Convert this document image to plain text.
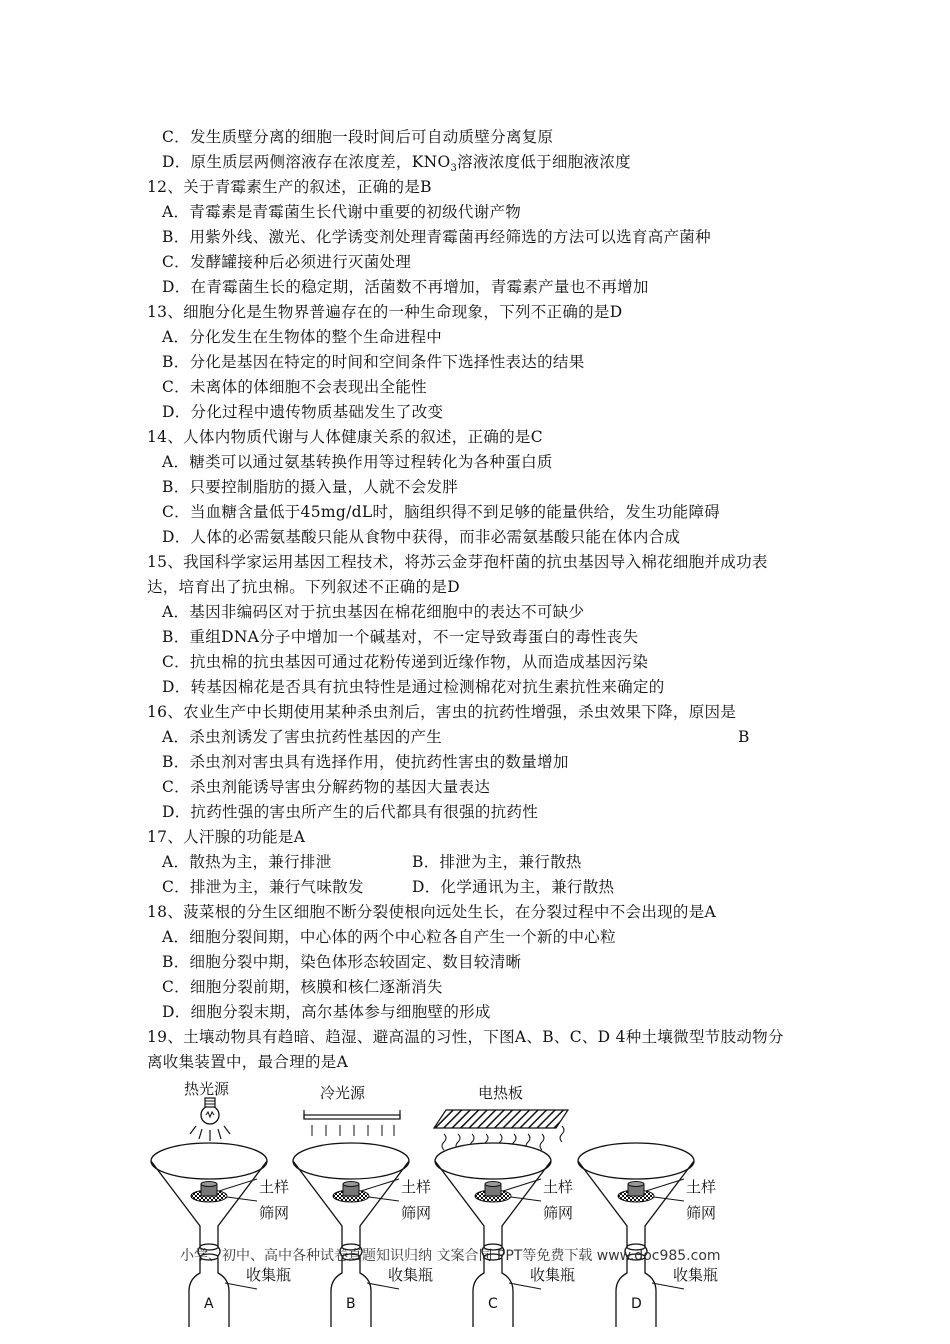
C．发生质壁分离的细胞一段时间后可自动质壁分离复原
D．原生质层两侧溶液存在浓度差，$KNO_3$溶液浓度低于细胞液浓度
12、关于青霉素生产的叙述，正确的是B
A．青霉素是青霉菌生长代谢中重要的初级代谢产物
B．用紫外线、激光、化学诱变剂处理青霉菌再经筛选的方法可以选育高产菌种
C．发酵罐接种后必须进行灭菌处理
D．在青霉菌生长的稳定期，活菌数不再增加，青霉素产量也不再增加
13、细胞分化是生物界普遍存在的一种生命现象，下列不正确的是D
A．分化发生在生物体的整个生命进程中
B．分化是基因在特定的时间和空间条件下选择性表达的结果
C．未离体的体细胞不会表现出全能性
D．分化过程中遗传物质基础发生了改变
14、人体内物质代谢与人体健康关系的叙述，正确的是C
A．糖类可以通过氨基转换作用等过程转化为各种蛋白质
B．只要控制脂肪的摄入量，人就不会发胖
C．当血糖含量低于45mg/dL时，脑组织得不到足够的能量供给，发生功能障碍
D．人体的必需氨基酸只能从食物中获得，而非必需氨基酸只能在体内合成
15、我国科学家运用基因工程技术，将苏云金芽孢杆菌的抗虫基因导入棉花细胞并成功表
达，培育出了抗虫棉。下列叙述不正确的是D
A．基因非编码区对于抗虫基因在棉花细胞中的表达不可缺少
B．重组DNA分子中增加一个碱基对，不一定导致毒蛋白的毒性丧失
C．抗虫棉的抗虫基因可通过花粉传递到近缘作物，从而造成基因污染
D．转基因棉花是否具有抗虫特性是通过检测棉花对抗生素抗性来确定的
16、农业生产中长期使用某种杀虫剂后，害虫的抗药性增强，杀虫效果下降，原因是
A．杀虫剂诱发了害虫抗药性基因的产生	B
B．杀虫剂对害虫具有选择作用，使抗药性害虫的数量增加
C．杀虫剂能诱导害虫分解药物的基因大量表达
D．抗药性强的害虫所产生的后代都具有很强的抗药性
17、人汗腺的功能是A
A．散热为主，兼行排泄	B．排泄为主，兼行散热
C．排泄为主，兼行气味散发	D．化学通讯为主，兼行散热
18、菠菜根的分生区细胞不断分裂使根向远处生长，在分裂过程中不会出现的是A
A．细胞分裂间期，中心体的两个中心粒各自产生一个新的中心粒
B．细胞分裂中期，染色体形态较固定、数目较清晰
C．细胞分裂前期，核膜和核仁逐渐消失
D．细胞分裂末期，高尔基体参与细胞壁的形成
19、土壤动物具有趋暗、趋湿、避高温的习性，下图A、B、C、D 4种土壤微型节肢动物分
离收集装置中，最合理的是A
热光源	冷光源	电热板
土样
筛网
收集瓶
土样
筛网
收集瓶
土样
筛网
收集瓶
土样
筛网
收集瓶
A	B	C	D
小学、初中、高中各种试卷真题知识归纳 文案合同 PPT等免费下载 www.doc985.com
